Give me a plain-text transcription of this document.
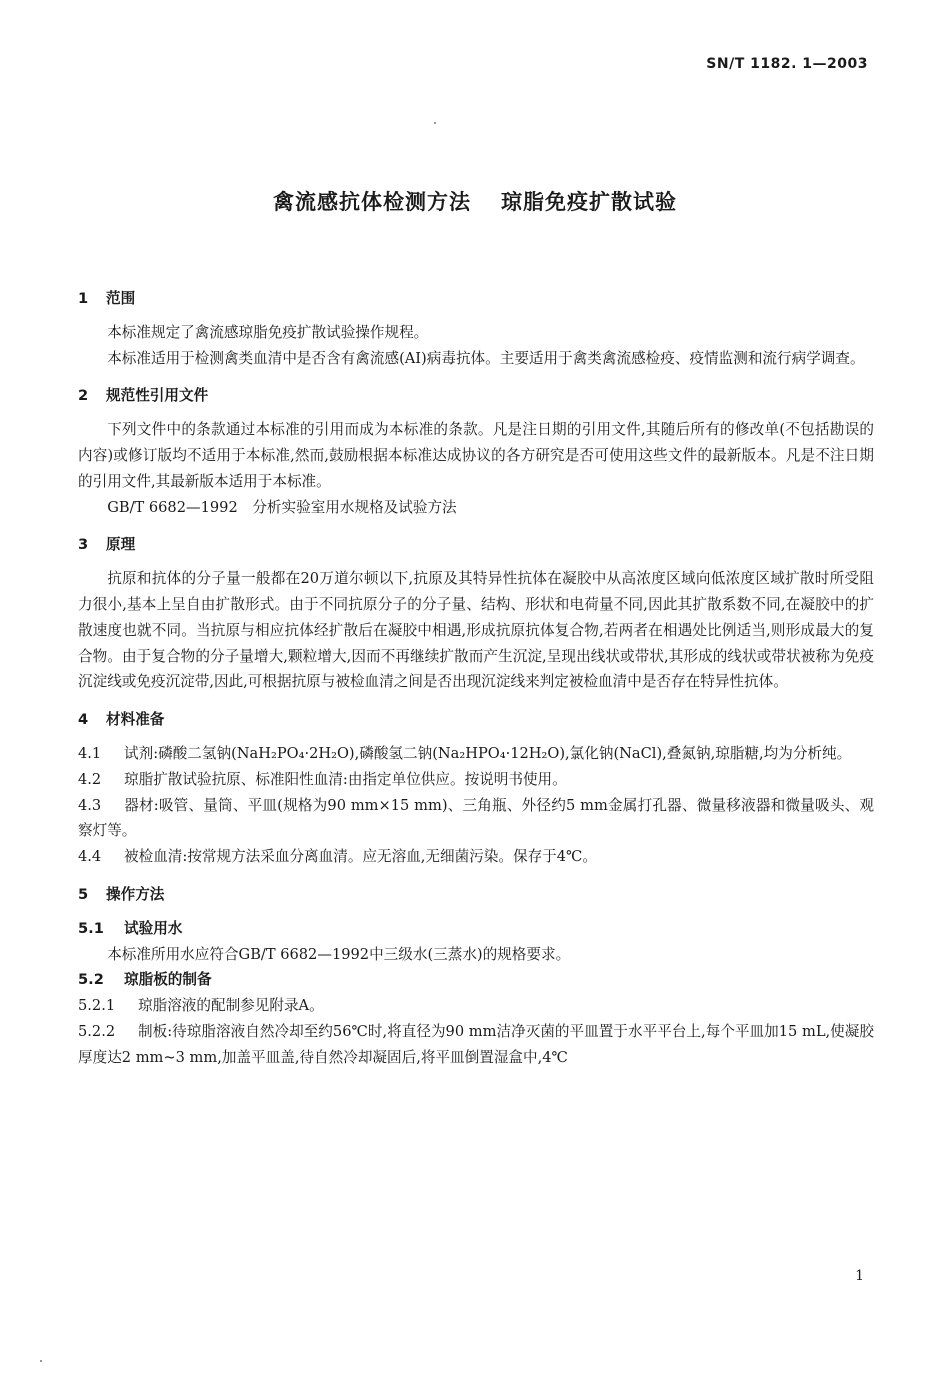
SN/T 1182. 1—2003
禽流感抗体检测方法 琼脂免疫扩散试验
1 范围
本标准规定了禽流感琼脂免疫扩散试验操作规程。
本标准适用于检测禽类血清中是否含有禽流感(AI)病毒抗体。主要适用于禽类禽流感检疫、疫情监测和流行病学调查。
2 规范性引用文件
下列文件中的条款通过本标准的引用而成为本标准的条款。凡是注日期的引用文件,其随后所有的修改单(不包括勘误的内容)或修订版均不适用于本标准,然而,鼓励根据本标准达成协议的各方研究是否可使用这些文件的最新版本。凡是不注日期的引用文件,其最新版本适用于本标准。
GB/T 6682—1992　分析实验室用水规格及试验方法
3 原理
抗原和抗体的分子量一般都在20万道尔顿以下,抗原及其特异性抗体在凝胶中从高浓度区域向低浓度区域扩散时所受阻力很小,基本上呈自由扩散形式。由于不同抗原分子的分子量、结构、形状和电荷量不同,因此其扩散系数不同,在凝胶中的扩散速度也就不同。当抗原与相应抗体经扩散后在凝胶中相遇,形成抗原抗体复合物,若两者在相遇处比例适当,则形成最大的复合物。由于复合物的分子量增大,颗粒增大,因而不再继续扩散而产生沉淀,呈现出线状或带状,其形成的线状或带状被称为免疫沉淀线或免疫沉淀带,因此,可根据抗原与被检血清之间是否出现沉淀线来判定被检血清中是否存在特异性抗体。
4 材料准备
4.1 试剂:磷酸二氢钠(NaH₂PO₄·2H₂O),磷酸氢二钠(Na₂HPO₄·12H₂O),氯化钠(NaCl),叠氮钠,琼脂糖,均为分析纯。
4.2 琼脂扩散试验抗原、标准阳性血清:由指定单位供应。按说明书使用。
4.3 器材:吸管、量筒、平皿(规格为90 mm×15 mm)、三角瓶、外径约5 mm金属打孔器、微量移液器和微量吸头、观察灯等。
4.4 被检血清:按常规方法采血分离血清。应无溶血,无细菌污染。保存于4℃。
5 操作方法
5.1 试验用水
本标准所用水应符合GB/T 6682—1992中三级水(三蒸水)的规格要求。
5.2 琼脂板的制备
5.2.1 琼脂溶液的配制参见附录A。
5.2.2 制板:待琼脂溶液自然冷却至约56℃时,将直径为90 mm洁净灭菌的平皿置于水平平台上,每个平皿加15 mL,使凝胶厚度达2 mm~3 mm,加盖平皿盖,待自然冷却凝固后,将平皿倒置湿盒中,4℃
1
